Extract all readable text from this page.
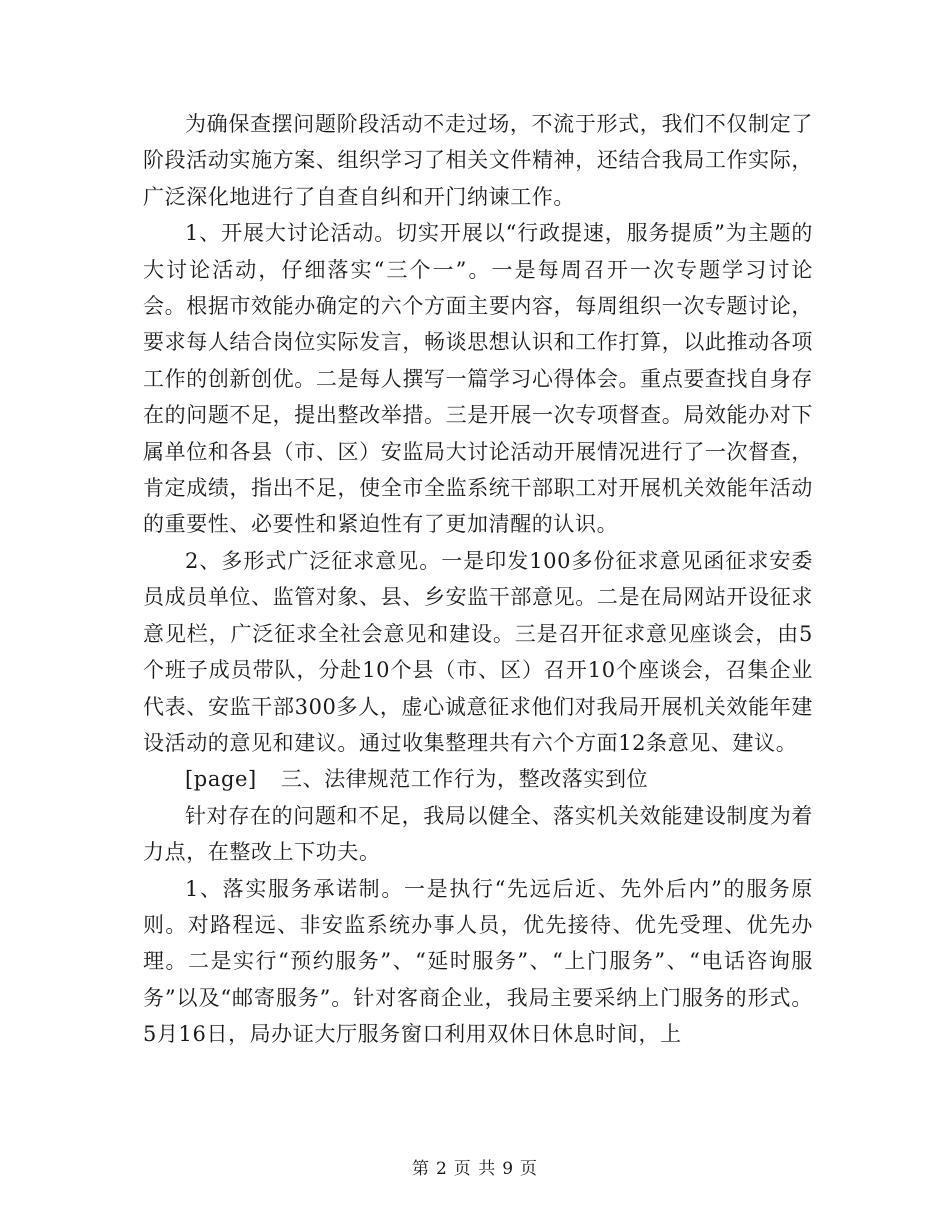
为确保查摆问题阶段活动不走过场，不流于形式，我们不仅制定了阶段活动实施方案、组织学习了相关文件精神，还结合我局工作实际，广泛深化地进行了自查自纠和开门纳谏工作。

1、开展大讨论活动。切实开展以“行政提速，服务提质”为主题的大讨论活动，仔细落实“三个一”。一是每周召开一次专题学习讨论会。根据市效能办确定的六个方面主要内容，每周组织一次专题讨论，要求每人结合岗位实际发言，畅谈思想认识和工作打算，以此推动各项工作的创新创优。二是每人撰写一篇学习心得体会。重点要查找自身存在的问题不足，提出整改举措。三是开展一次专项督查。局效能办对下属单位和各县（市、区）安监局大讨论活动开展情况进行了一次督查，肯定成绩，指出不足，使全市全监系统干部职工对开展机关效能年活动的重要性、必要性和紧迫性有了更加清醒的认识。

2、多形式广泛征求意见。一是印发100多份征求意见函征求安委员成员单位、监管对象、县、乡安监干部意见。二是在局网站开设征求意见栏，广泛征求全社会意见和建设。三是召开征求意见座谈会，由5个班子成员带队，分赴10个县（市、区）召开10个座谈会，召集企业代表、安监干部300多人，虚心诚意征求他们对我局开展机关效能年建设活动的意见和建议。通过收集整理共有六个方面12条意见、建议。

[page] 三、法律规范工作行为，整改落实到位

针对存在的问题和不足，我局以健全、落实机关效能建设制度为着力点，在整改上下功夫。

1、落实服务承诺制。一是执行“先远后近、先外后内”的服务原则。对路程远、非安监系统办事人员，优先接待、优先受理、优先办理。二是实行“预约服务”、“延时服务”、“上门服务”、“电话咨询服务”以及“邮寄服务”。针对客商企业，我局主要采纳上门服务的形式。5月16日，局办证大厅服务窗口利用双休日休息时间，上

第 2 页 共 9 页
